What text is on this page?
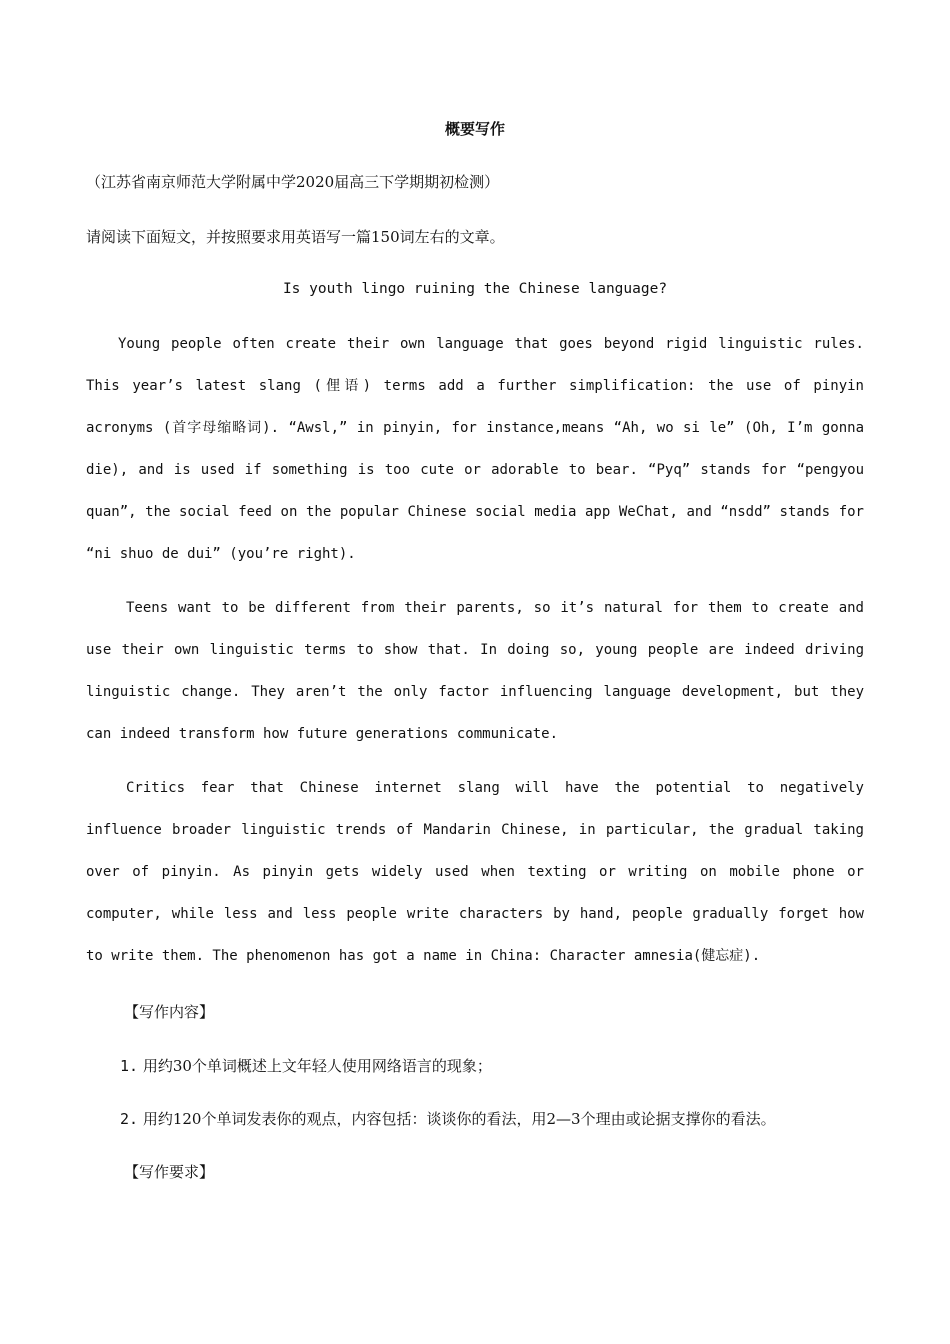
概要写作
（江苏省南京师范大学附属中学2020届高三下学期期初检测）
请阅读下面短文，并按照要求用英语写一篇150词左右的文章。
Is youth lingo ruining the Chinese language?

Young people often create their own language that goes beyond rigid linguistic rules. This year’s latest slang (俚语) terms add a further simplification: the use of pinyin acronyms (首字母缩略词). “Awsl,” in pinyin, for instance,means “Ah, wo si le” (Oh, I’m gonna die), and is used if something is too cute or adorable to bear. “Pyq” stands for “pengyou quan”, the social feed on the popular Chinese social media app WeChat, and “nsdd” stands for “ni shuo de dui” (you’re right).

Teens want to be different from their parents, so it’s natural for them to create and use their own linguistic terms to show that. In doing so, young people are indeed driving linguistic change. They aren’t the only factor influencing language development, but they can indeed transform how future generations communicate.

Critics fear that Chinese internet slang will have the potential to negatively influence broader linguistic trends of Mandarin Chinese, in particular, the gradual taking over of pinyin. As pinyin gets widely used when texting or writing on mobile phone or computer, while less and less people write characters by hand, people gradually forget how to write them. The phenomenon has got a name in China: Character amnesia(健忘症).

【写作内容】
1. 用约30个单词概述上文年轻人使用网络语言的现象；
2. 用约120个单词发表你的观点，内容包括：谈谈你的看法，用2—3个理由或论据支撑你的看法。
【写作要求】
